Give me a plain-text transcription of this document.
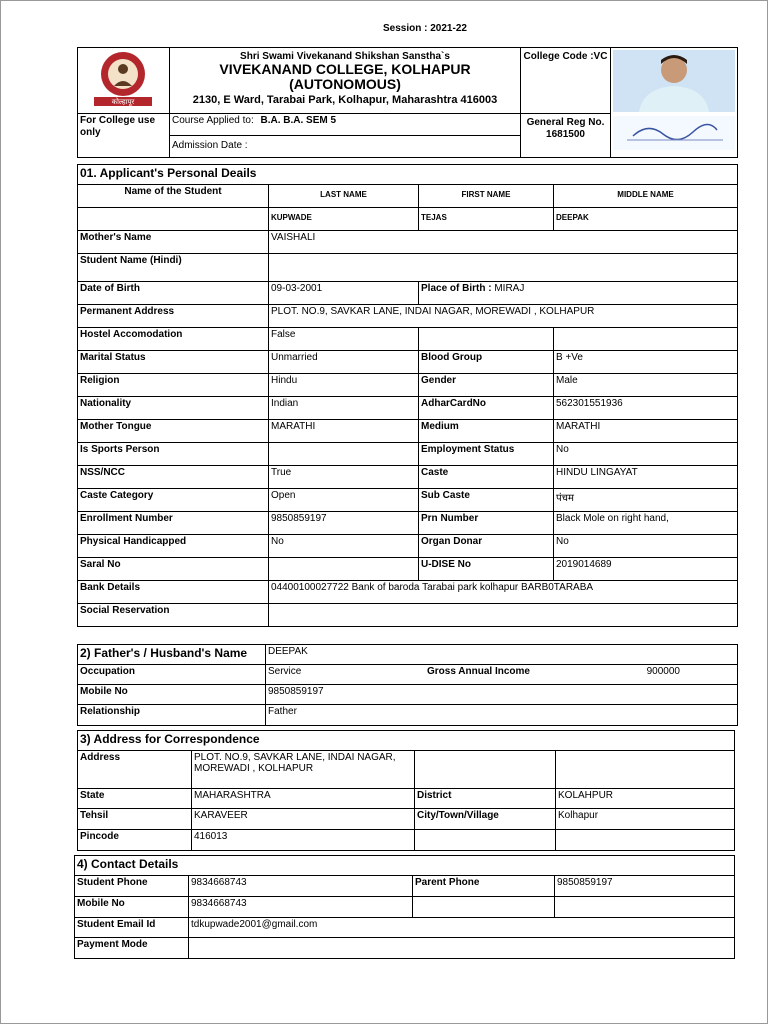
Session : 2021-22
कोल्हापूर	Shri Swami Vivekanand Shikshan Sanstha`s
VIVEKANAND COLLEGE, KOLHAPUR
(AUTONOMOUS)
2130, E Ward, Tarabai Park, Kolhapur, Maharashtra 416003	College Code :VC	
For College use only	Course Applied to: B.A. B.A. SEM 5	General Reg No.
1681500	

	Admission Date :		
01. Applicant's Personal Deails			
Name of the Student	LAST NAME	FIRST NAME	MIDDLE NAME
	KUPWADE	TEJAS	DEEPAK
Mother's Name	VAISHALI		
Student Name (Hindi)			
Date of Birth	09-03-2001	Place of Birth : MIRAJ	
Permanent Address	PLOT. NO.9, SAVKAR LANE, INDAI NAGAR, MOREWADI , KOLHAPUR		
Hostel Accomodation	False		
Marital Status	Unmarried	Blood Group	B +Ve
Religion	Hindu	Gender	Male
Nationality	Indian	AdharCardNo	562301551936
Mother Tongue	MARATHI	Medium	MARATHI
Is Sports Person		Employment Status	No
NSS/NCC	True	Caste	HINDU LINGAYAT
Caste Category	Open	Sub Caste	पंचम
Enrollment Number	9850859197	Prn Number	Black Mole on right hand,
Physical Handicapped	No	Organ Donar	No
Saral No		U-DISE No	2019014689
Bank Details	04400100027722 Bank of baroda Tarabai park kolhapur BARB0TARABA		
Social Reservation			
2) Father's / Husband's Name	DEEPAK		
Occupation	Service	Gross Annual Income	900000
Mobile No	9850859197		
Relationship	Father		
3) Address for Correspondence			
Address	PLOT. NO.9, SAVKAR LANE, INDAI NAGAR, MOREWADI , KOLHAPUR		
State	MAHARASHTRA	District	KOLAHPUR
Tehsil	KARAVEER	City/Town/Village	Kolhapur
Pincode	416013		
4) Contact Details			
Student Phone	9834668743	Parent Phone	9850859197
Mobile No	9834668743		
Student Email Id	tdkupwade2001@gmail.com		
Payment Mode			
